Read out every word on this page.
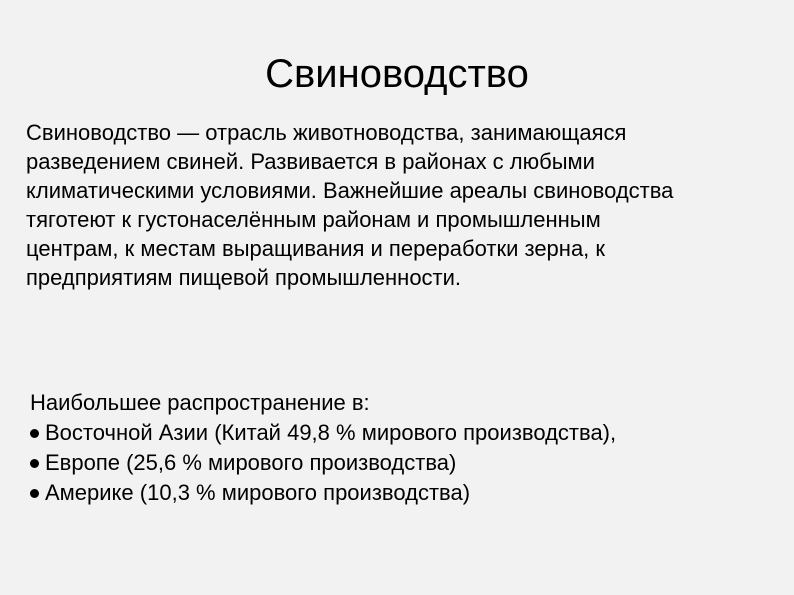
Свиноводство

Свиноводство — отрасль животноводства, занимающаяся
разведением свиней. Развивается в районах с любыми
климатическими условиями. Важнейшие ареалы свиноводства
тяготеют к густонаселённым районам и промышленным
центрам, к местам выращивания и переработки зерна, к
предприятиям пищевой промышленности.

Наибольшее распространение в:
Восточной Азии (Китай 49,8 % мирового производства),
Европе (25,6 % мирового производства)
Америке (10,3 % мирового производства)
